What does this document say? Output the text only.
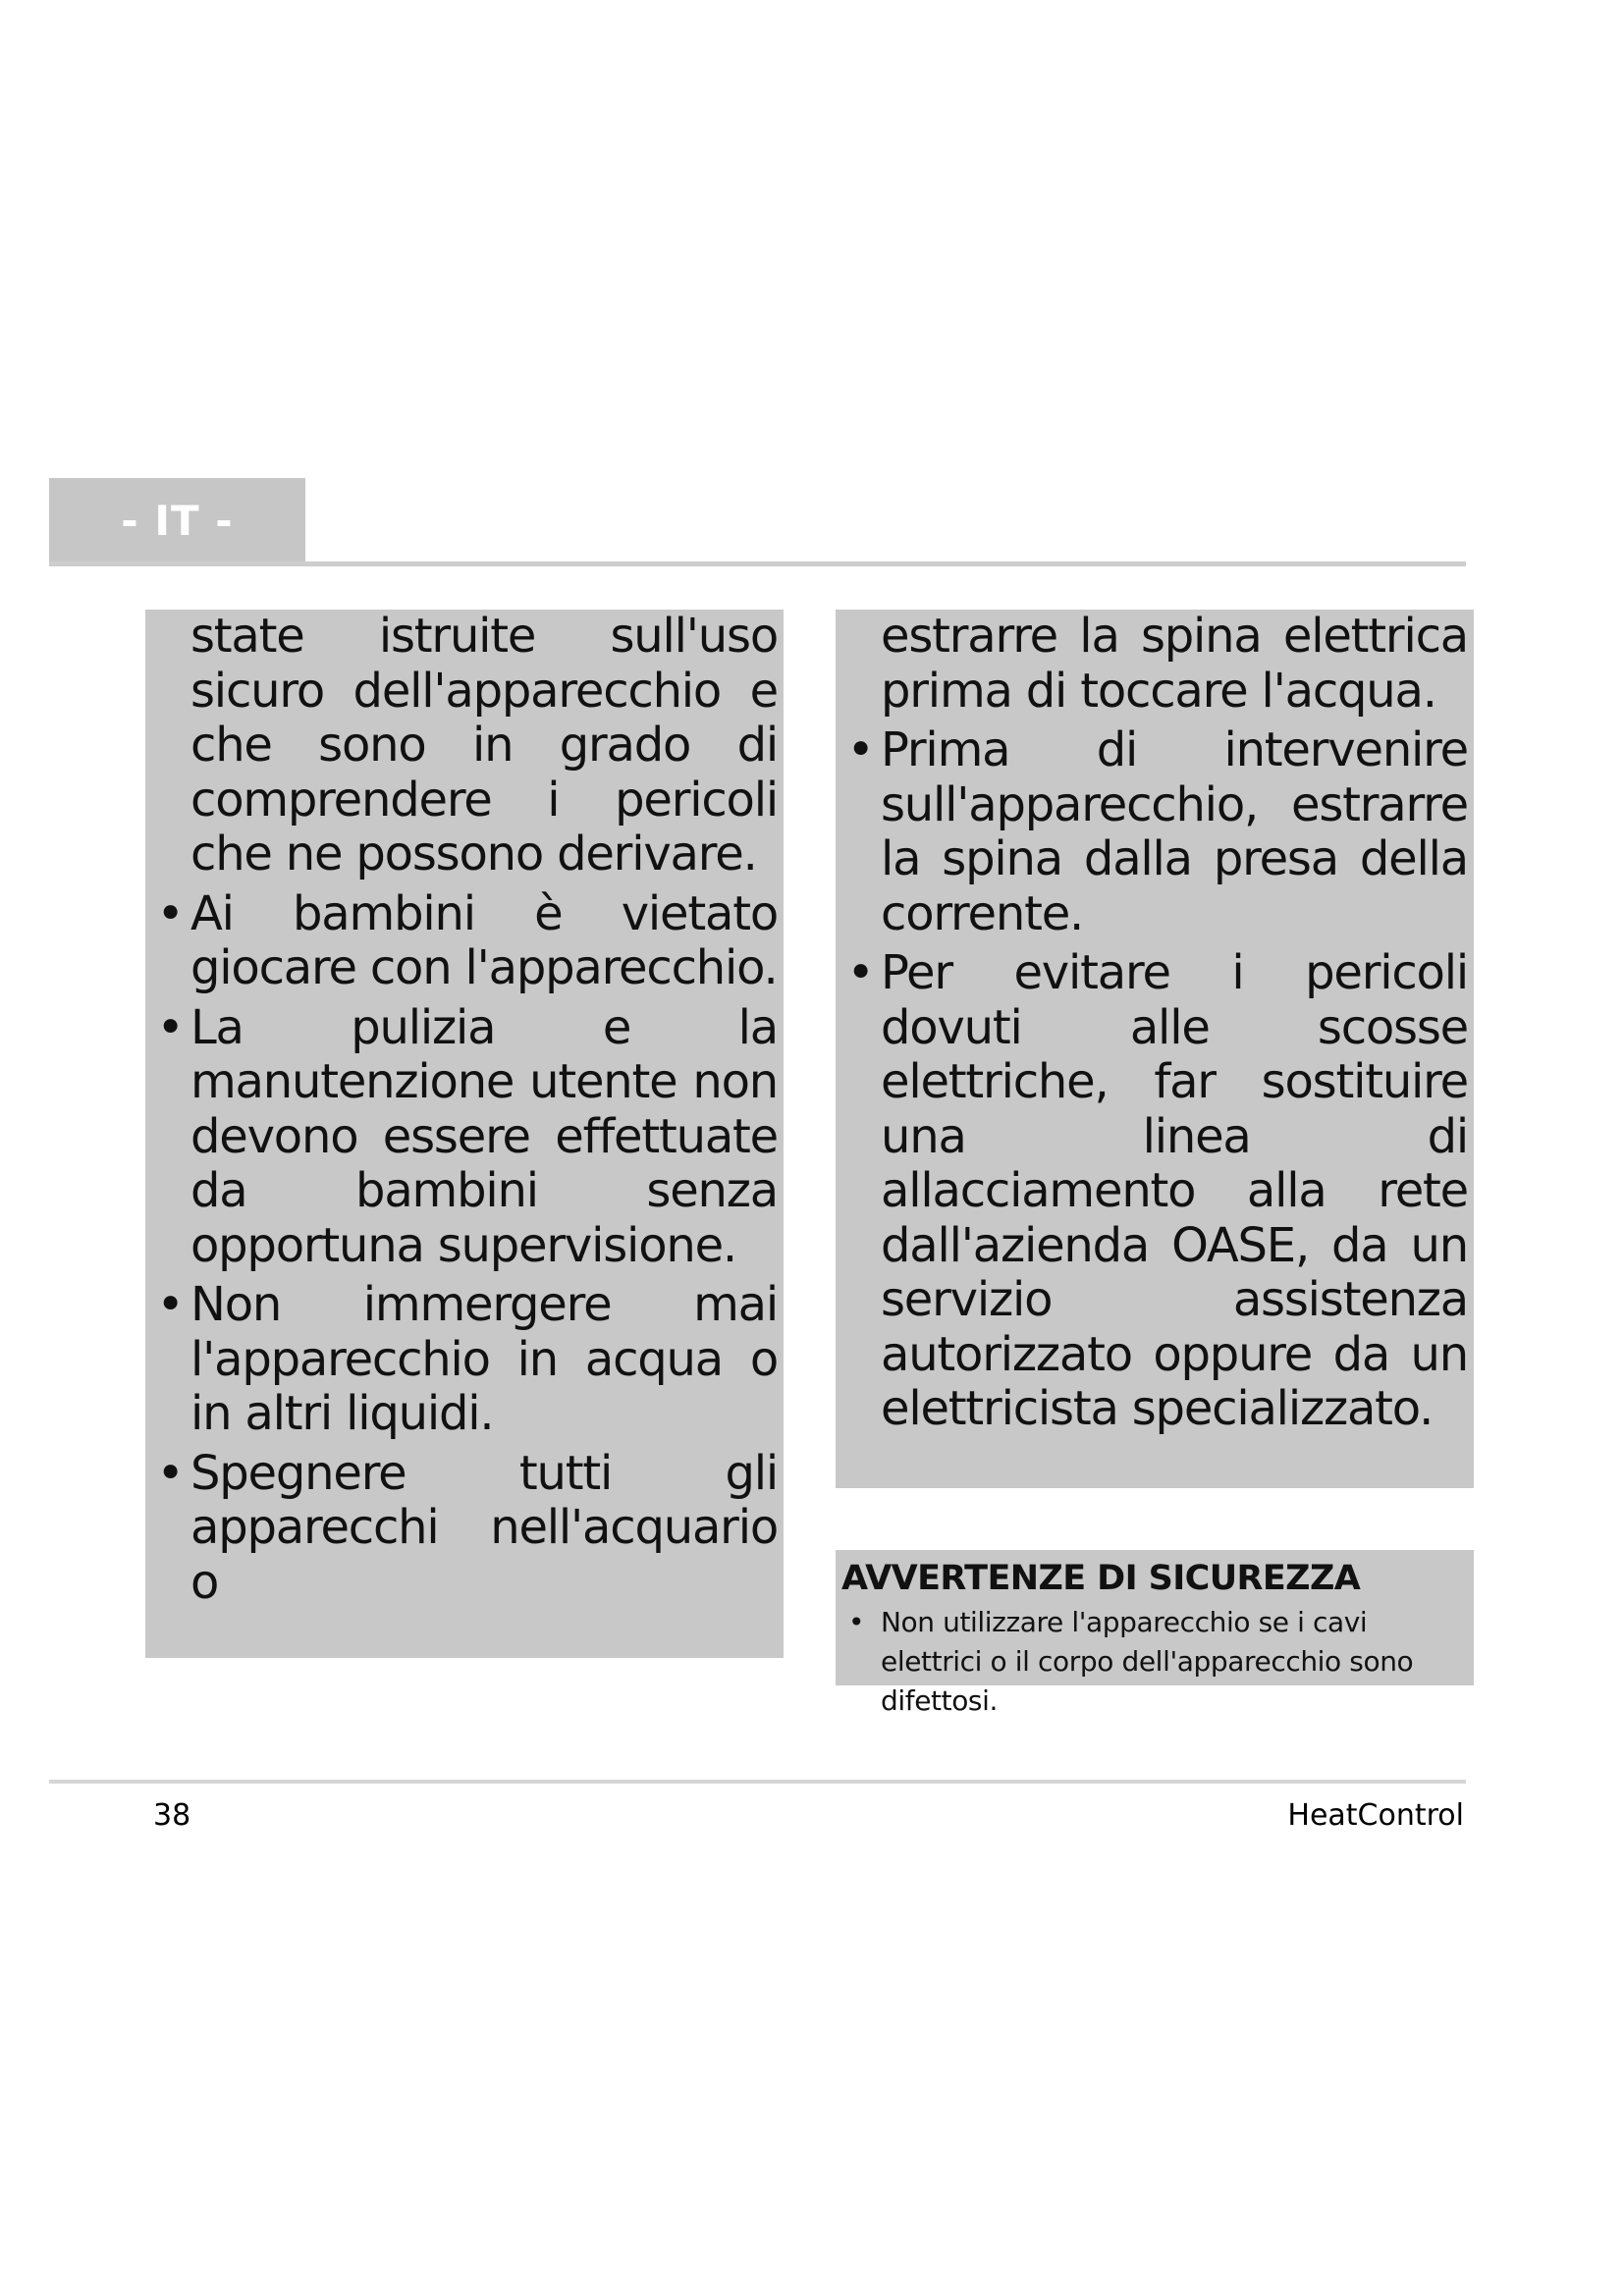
- IT -

state istruite sull'uso sicuro dell'apparecchio e che sono in grado di comprendere i pericoli che ne possono derivare.

• Ai bambini è vietato giocare con l'apparecchio.
• La pulizia e la manutenzione utente non devono essere effettuate da bambini senza opportuna supervisione.
• Non immergere mai l'apparecchio in acqua o in altri liquidi.
• Spegnere tutti gli apparecchi nell'acquario o

estrarre la spina elettrica prima di toccare l'acqua.

• Prima di intervenire sull'apparecchio, estrarre la spina dalla presa della corrente.
• Per evitare i pericoli dovuti alle scosse elettriche, far sostituire una linea di allacciamento alla rete dall'azienda OASE, da un servizio assistenza autorizzato oppure da un elettricista specializzato.
AVVERTENZE DI SICUREZZA
• Non utilizzare l'apparecchio se i cavi elettrici o il corpo dell'apparecchio sono difettosi.
38	HeatControl
